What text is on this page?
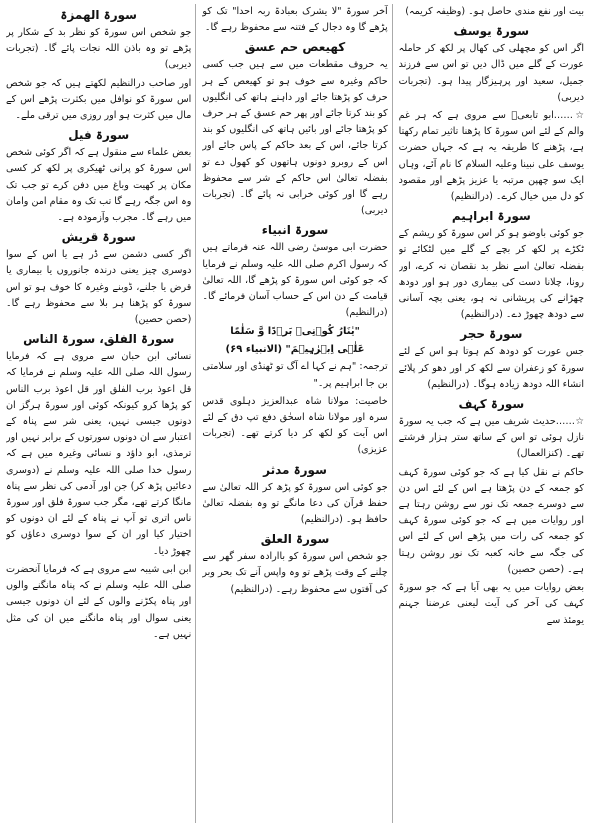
بیت اور نفع مندی حاصل ہو۔ (وظیفہ کریمہ)
سورۃ یوسف
اگر اس کو مچھلی کی کھال پر لکھ کر حاملہ عورت کے گلے میں ڈال دیں تو اس سے فرزند جمیل، سعید اور پرہیزگار پیدا ہو۔ (تجربات دیربی)
☆……ابو تابعیؒ سے مروی ہے کہ ہر غم والم کے لئے اس سورۃ کا پڑھنا تاثیر تمام رکھتا ہے، پڑھنے کا طریقہ یہ ہے کہ جہاں حضرت یوسف علی نبینا وعلیہ السلام کا نام آئے، وہاں ایک سو چھپن مرتبہ یا عزیز پڑھے اور مقصود کو دل میں خیال کرے۔ (درالنظیم)
سورۃ ابراہیم
جو کوئی باوضو ہو کر اس سورۃ کو ریشم کے ٹکڑے پر لکھ کر بچے کے گلے میں لٹکائے تو بفضلہ تعالیٰ اسے نظر بد نقصان نہ کرے، اور رونا، چلانا دست کی بیماری دور ہو اور دودھ چھڑانے کی پریشانی نہ ہو، یعنی بچہ آسانی سے دودھ چھوڑ دے۔ (درالنظیم)
سورۃ حجر
جس عورت کو دودھ کم ہوتا ہو اس کے لئے سورۃ کو زعفران سے لکھ کر اور دھو کر پلائے انشاء اللہ دودھ زیادہ ہوگا۔ (درالنظیم)
سورۃ کہف
☆……حدیث شریف میں ہے کہ جب یہ سورۃ نازل ہوئی تو اس کے ساتھ ستر ہزار فرشتے تھے۔ (کنزالعمال)
حاکم نے نقل کیا ہے کہ جو کوئی سورۃ کہف کو جمعہ کے دن پڑھتا ہے اس کے لئے اس دن سے دوسرے جمعہ تک نور سے روشن رہتا ہے اور روایات میں ہے کہ جو کوئی سورۃ کہف کو جمعہ کی رات میں پڑھے اس کے لئے اس کی جگہ سے خانہ کعبہ تک نور روشن رہتا ہے۔ (حصن حصین)
بعض روایات میں یہ بھی آیا ہے کہ جو سورۃ کہف کی آخر کی آیت لیعنی عرضنا جہنم یومئذ سے
آخر سورۃ "لا یشرک بعبادۃ ربہ احدا" تک کو پڑھے گا وہ دجال کے فتنہ سے محفوظ رہے گا۔
کھیعص حم عسق
یہ حروف مقطعات میں سے ہیں جب کسی حاکم وغیرہ سے خوف ہو تو کھیعص کے ہر حرف کو پڑھتا جائے اور داہنے ہاتھ کی انگلیوں کو بند کرتا جائے اور پھر حم عسق کے ہر حرف کو پڑھتا جائے اور بائیں ہاتھ کی انگلیوں کو بند کرتا جائے، اس کے بعد حاکم کے پاس جائے اور اس کے روبرو دونوں ہاتھوں کو کھول دے تو بفضلہ تعالیٰ اس حاکم کے شر سے محفوظ رہے گا اور کوئی خرابی نہ پائے گا۔ (تجربات دیربی)
سورۃ انبیاء
حضرت ابی موسیٰ رضی اللہ عنہ فرماتے ہیں کہ رسول اکرم صلی اللہ علیہ وسلم نے فرمایا کہ جو کوئی اس سورۃ کو پڑھے گا، اللہ تعالیٰ قیامت کے دن اس کے حساب آسان فرمائے گا۔ (درالنظیم)
"یٰنَارُ کُوۡنِیۡ بَرۡدًا وَّ سَلٰمًا
عَلٰۤی اِبۡرٰہِیۡمَ" (الانبیاء ۶۹)
ترجمہ: "ہم نے کہا اے آگ تو ٹھنڈی اور سلامتی بن جا ابراہیم پر۔"
خاصیت: مولانا شاہ عبدالعزیز دہلوی قدس سرہ اور مولانا شاہ اسحٰق دفع تپ دق کے لئے اس آیت کو لکھ کر دیا کرتے تھے۔ (تجربات عزیزی)
سورۃ مدثر
جو کوئی اس سورۃ کو پڑھ کر اللہ تعالیٰ سے حفظ قرآن کی دعا مانگے تو وہ بفضلہ تعالیٰ حافظ ہو۔ (درالنظیم)
سورۃ العلق
جو شخص اس سورۃ کو باارادہ سفر گھر سے چلنے کے وقت پڑھے تو وہ واپس آنے تک بحر وبر کی آفتوں سے محفوظ رہے۔ (درالنظیم)
سورۃ الھمزۃ
جو شخص اس سورۃ کو نظر بد کے شکار پر پڑھے تو وہ باذن اللہ نجات پائے گا۔ (تجربات دیربی)
اور صاحب درالنظیم لکھتے ہیں کہ جو شخص اس سورۃ کو نوافل میں بکثرت پڑھے اس کے مال میں کثرت ہو اور روزی میں ترقی ملے۔
سورۃ فیل
بعض علماء سے منقول ہے کہ اگر کوئی شخص اس سورۃ کو پرانی ٹھیکری پر لکھ کر کسی مکان پر کھیت وباغ میں دفن کرے تو جب تک وہ اس جگہ رہے گا تب تک وہ مقام امن وامان میں رہے گا۔ مجرب وآزمودہ ہے۔
سورۃ قریش
اگر کسی دشمن سے ڈر ہے یا اس کے سوا دوسری چیز یعنی درندہ جانوروں یا بیماری یا قرض یا جلنے، ڈوبنے وغیرہ کا خوف ہو تو اس سورۃ کو پڑھنا ہر بلا سے محفوظ رہے گا۔ (حصن حصین)
سورۃ الفلق، سورۃ الناس
نسائی ابن حبان سے مروی ہے کہ فرمایا رسول اللہ صلی اللہ علیہ وسلم نے فرمایا کہ قل اعوذ برب الفلق اور قل اعوذ برب الناس کو پڑھا کرو کیونکہ کوئی اور سورۃ ہرگز ان دونوں جیسی نہیں، یعنی شر سے پناہ کے اعتبار سے ان دونوں سورتوں کے برابر نہیں اور ترمذی، ابو داؤد و نسائی وغیرہ میں ہے کہ رسول خدا صلی اللہ علیہ وسلم نے (دوسری دعائیں پڑھ کر) جن اور آدمی کی نظر سے پناہ مانگا کرتے تھے، مگر جب سورۃ فلق اور سورۃ ناس اتری تو آپ نے پناہ کے لئے ان دونوں کو اختیار کیا اور ان کے سوا دوسری دعاؤں کو چھوڑ دیا۔
ابن ابی شیبہ سے مروی ہے کہ فرمایا آنحضرت صلی اللہ علیہ وسلم نے کہ پناہ مانگنے والوں اور پناہ پکڑنے والوں کے لئے ان دونوں جیسی یعنی سوال اور پناہ مانگنے میں ان کی مثل نہیں ہے۔
